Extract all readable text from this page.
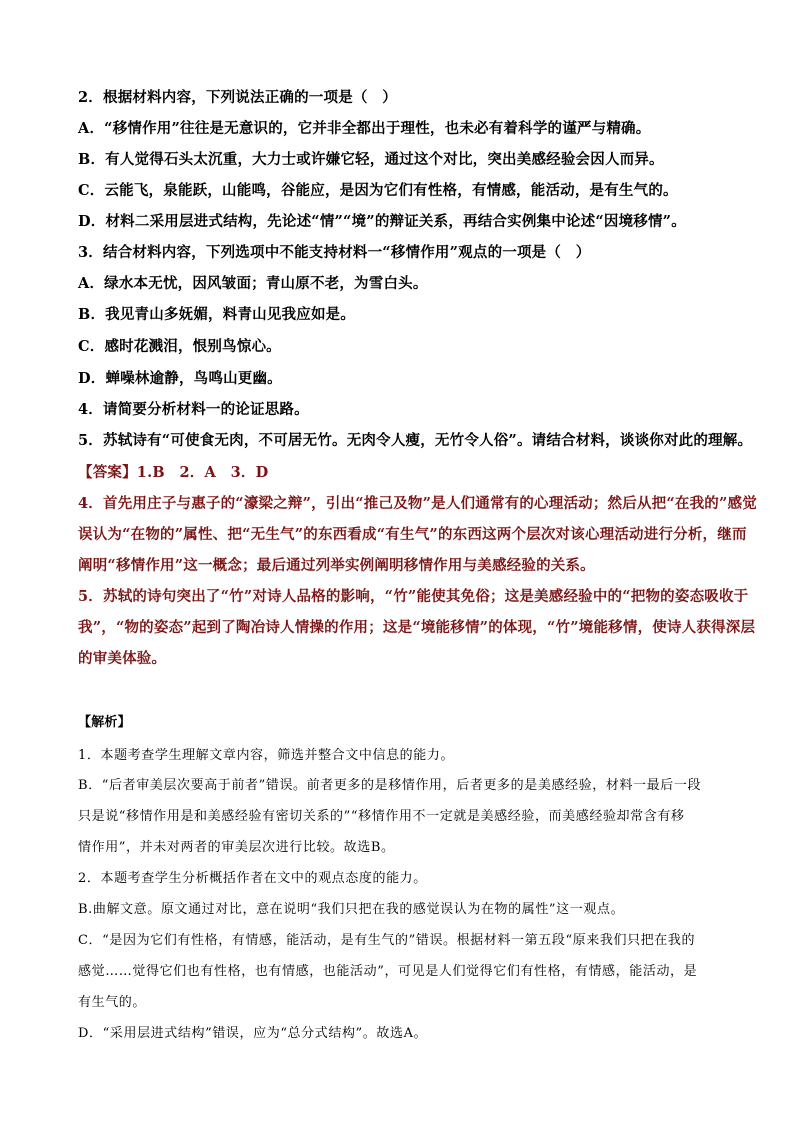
2．根据材料内容，下列说法正确的一项是（　）
A．“移情作用”往往是无意识的，它并非全都出于理性，也未必有着科学的谨严与精确。
B．有人觉得石头太沉重，大力士或许嫌它轻，通过这个对比，突出美感经验会因人而异。
C．云能飞，泉能跃，山能鸣，谷能应，是因为它们有性格，有情感，能活动，是有生气的。
D．材料二采用层进式结构，先论述“情”“境”的辩证关系，再结合实例集中论述“因境移情”。
3．结合材料内容，下列选项中不能支持材料一“移情作用”观点的一项是（　）
A．绿水本无忧，因风皱面；青山原不老，为雪白头。
B．我见青山多妩媚，料青山见我应如是。
C．感时花溅泪，恨别鸟惊心。
D．蝉噪林逾静，鸟鸣山更幽。
4．请简要分析材料一的论证思路。
5．苏轼诗有“可使食无肉，不可居无竹。无肉令人瘦，无竹令人俗”。请结合材料，谈谈你对此的理解。
【答案】1.B　2．A　3．D
4．首先用庄子与惠子的“濠梁之辩”，引出“推己及物”是人们通常有的心理活动；然后从把“在我的”感觉
误认为“在物的”属性、把“无生气”的东西看成“有生气”的东西这两个层次对该心理活动进行分析，继而
阐明“移情作用”这一概念；最后通过列举实例阐明移情作用与美感经验的关系。
5．苏轼的诗句突出了“竹”对诗人品格的影响，“竹”能使其免俗；这是美感经验中的“把物的姿态吸收于
我”，“物的姿态”起到了陶冶诗人情操的作用；这是“境能移情”的体现，“竹”境能移情，使诗人获得深层
的审美体验。
【解析】
1．本题考查学生理解文章内容，筛选并整合文中信息的能力。
B．“后者审美层次要高于前者”错误。前者更多的是移情作用，后者更多的是美感经验，材料一最后一段
只是说“移情作用是和美感经验有密切关系的”“移情作用不一定就是美感经验，而美感经验却常含有移
情作用”，并未对两者的审美层次进行比较。故选B。
2．本题考查学生分析概括作者在文中的观点态度的能力。
B.曲解文意。原文通过对比，意在说明“我们只把在我的感觉误认为在物的属性”这一观点。
C．“是因为它们有性格，有情感，能活动，是有生气的”错误。根据材料一第五段“原来我们只把在我的
感觉……觉得它们也有性格，也有情感，也能活动”，可见是人们觉得它们有性格，有情感，能活动，是
有生气的。
D．“采用层进式结构”错误，应为“总分式结构”。故选A。
